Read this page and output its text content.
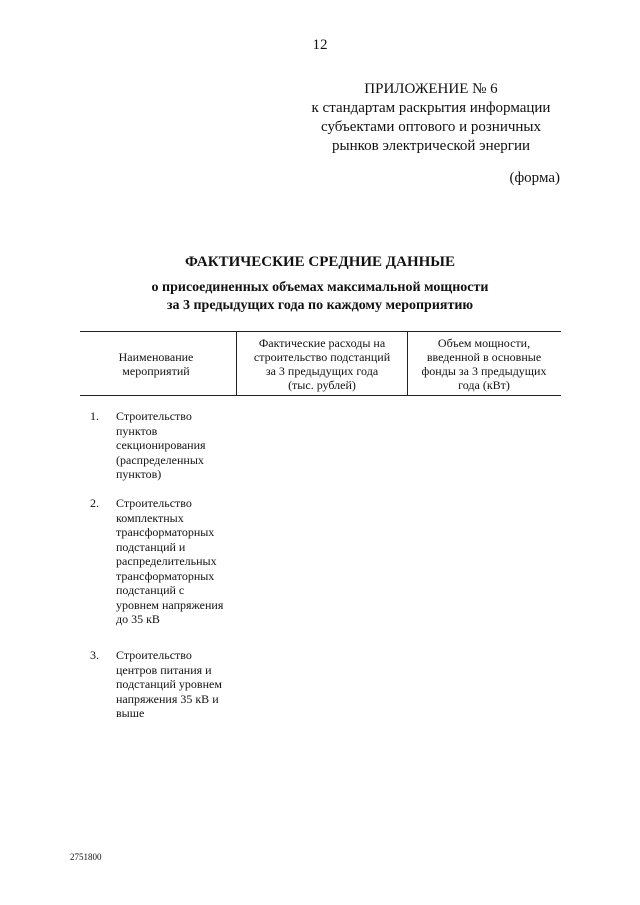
12
ПРИЛОЖЕНИЕ № 6
к стандартам раскрытия информации
субъектами оптового и розничных
рынков электрической энергии
(форма)
ФАКТИЧЕСКИЕ СРЕДНИЕ ДАННЫЕ
о присоединенных объемах максимальной мощности
за 3 предыдущих года по каждому мероприятию
Наименование
мероприятий
Фактические расходы на
строительство подстанций
за 3 предыдущих года
(тыс. рублей)
Объем мощности,
введенной в основные
фонды за 3 предыдущих
года (кВт)
1. Строительство
пунктов
секционирования
(распределенных
пунктов)
2. Строительство
комплектных
трансформаторных
подстанций и
распределительных
трансформаторных
подстанций с
уровнем напряжения
до 35 кВ
3. Строительство
центров питания и
подстанций уровнем
напряжения 35 кВ и
выше
2751800
